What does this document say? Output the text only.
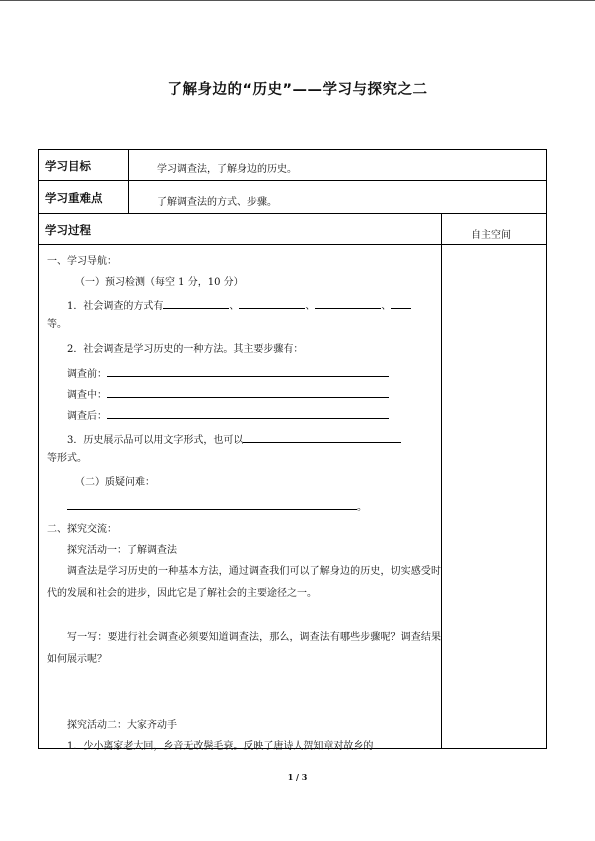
了解身边的“历史”——学习与探究之二
学习目标	学习调查法，了解身边的历史。
学习重难点	了解调查法的方式、步骤。
学习过程	自主空间
一、学习导航：
（一）预习检测（每空 1 分，10 分）
1．社会调查的方式有	、	、	、
等。
2．社会调查是学习历史的一种方法。其主要步骤有：
调查前：
调查中：
调查后：
3．历史展示品可以用文字形式，也可以
等形式。
（二）质疑问难：
。
二、探究交流：
探究活动一：了解调查法
调查法是学习历史的一种基本方法，通过调查我们可以了解身边的历史，切实感受时代的发展和社会的进步，因此它是了解社会的主要途径之一。
写一写：要进行社会调查必须要知道调查法，那么，调查法有哪些步骤呢？调查结果如何展示呢？
探究活动二：大家齐动手
1．少小离家老大回，乡音无改鬓毛衰。反映了唐诗人贺知章对故乡的
1 / 3
